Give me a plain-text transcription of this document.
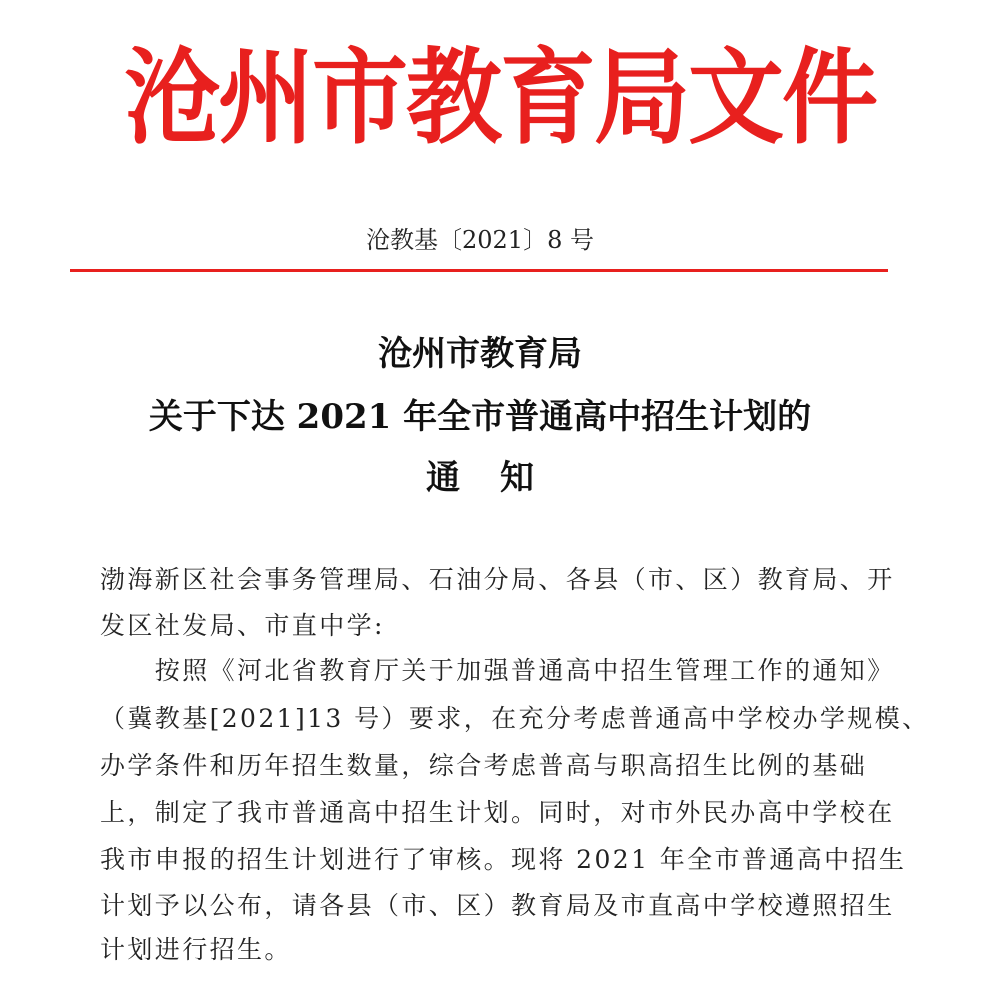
沧州市教育局文件
沧教基〔2021〕8 号
沧州市教育局
关于下达 2021 年全市普通高中招生计划的
通知
渤海新区社会事务管理局、石油分局、各县（市、区）教育局、开
发区社发局、市直中学:
　　按照《河北省教育厅关于加强普通高中招生管理工作的通知》
（冀教基[2021]13 号）要求，在充分考虑普通高中学校办学规模、
办学条件和历年招生数量，综合考虑普高与职高招生比例的基础
上，制定了我市普通高中招生计划。同时，对市外民办高中学校在
我市申报的招生计划进行了审核。现将 2021 年全市普通高中招生
计划予以公布，请各县（市、区）教育局及市直高中学校遵照招生
计划进行招生。
